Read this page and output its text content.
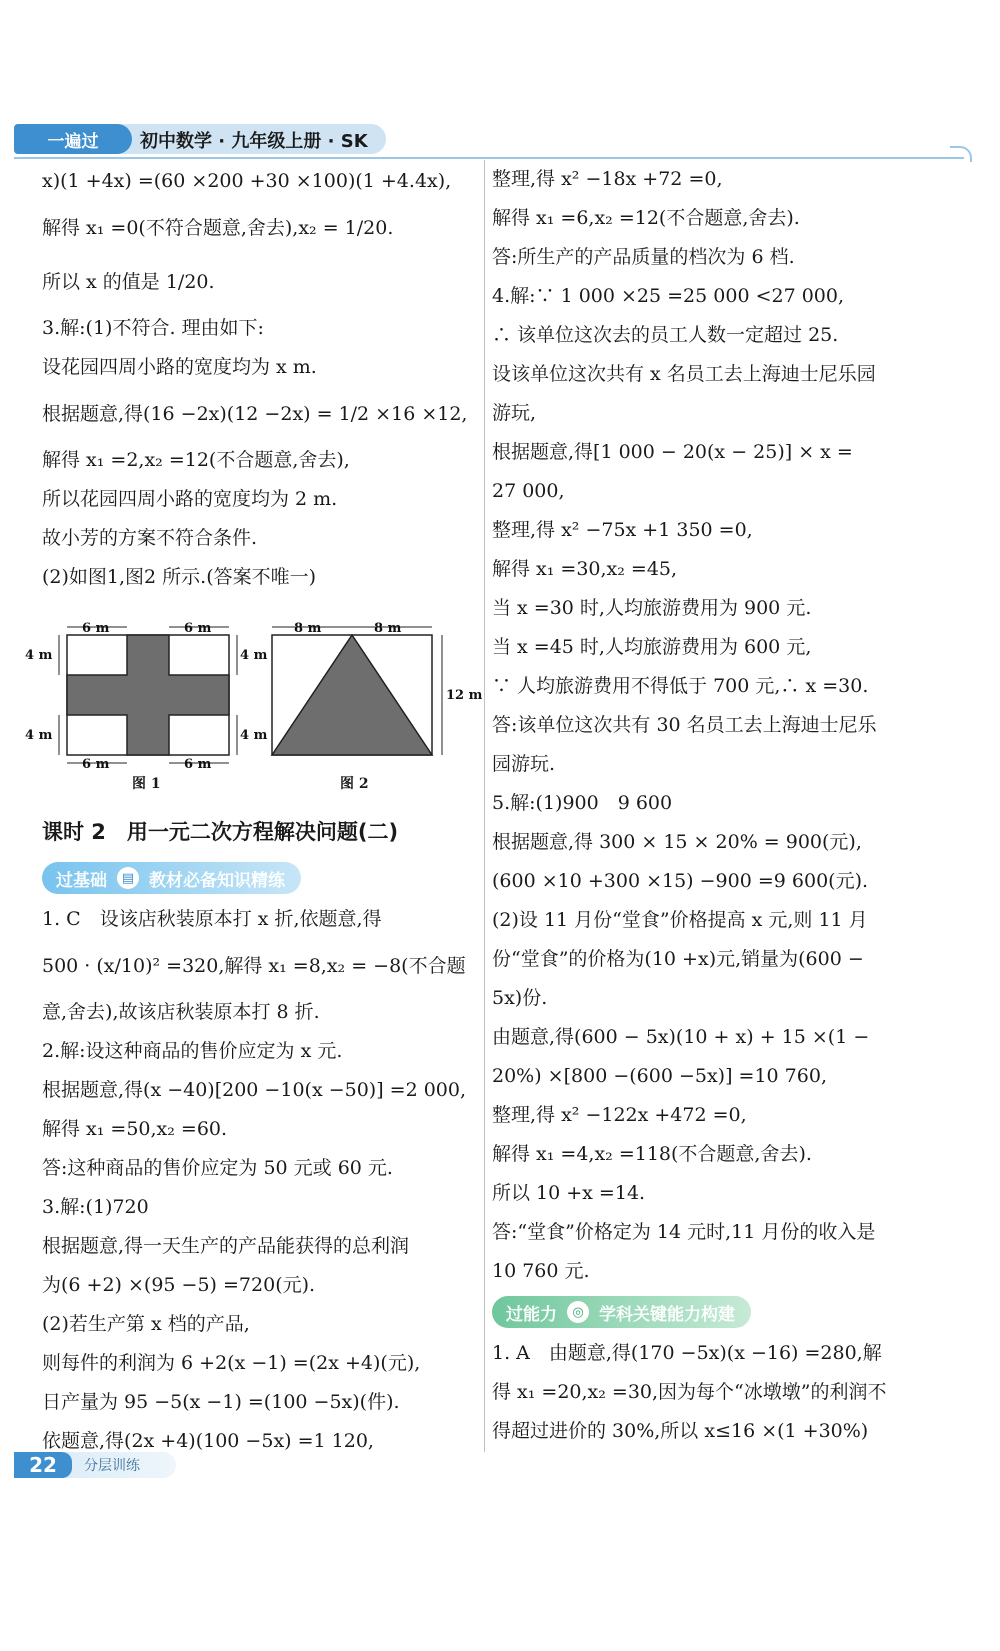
一遍过	初中数学 · 九年级上册 · SK
x)(1 +4x) =(60 ×200 +30 ×100)(1 +4.4x),
解得 x₁ =0(不符合题意,舍去),x₂ = 1/20.
所以 x 的值是 1/20.
3.解:(1)不符合. 理由如下:
设花园四周小路的宽度均为 x m.
根据题意,得(16 −2x)(12 −2x) = 1/2 ×16 ×12,
解得 x₁ =2,x₂ =12(不合题意,舍去),
所以花园四周小路的宽度均为 2 m.
故小芳的方案不符合条件.
(2)如图1,图2 所示.(答案不唯一)
6 m	6 m
6 m	6 m
4 m
4 m
4 m
4 m
8 m	8 m
12 m
图 1	图 2
课时 2　用一元二次方程解决问题(二)
过基础	▤ 教材必备知识精练
1. C　设该店秋装原本打 x 折,依题意,得
500 · (x/10)² =320,解得 x₁ =8,x₂ = −8(不合题
意,舍去),故该店秋装原本打 8 折.
2.解:设这种商品的售价应定为 x 元.
根据题意,得(x −40)[200 −10(x −50)] =2 000,
解得 x₁ =50,x₂ =60.
答:这种商品的售价应定为 50 元或 60 元.
3.解:(1)720
根据题意,得一天生产的产品能获得的总利润
为(6 +2) ×(95 −5) =720(元).
(2)若生产第 x 档的产品,
则每件的利润为 6 +2(x −1) =(2x +4)(元),
日产量为 95 −5(x −1) =(100 −5x)(件).
依题意,得(2x +4)(100 −5x) =1 120,
整理,得 x² −18x +72 =0,
解得 x₁ =6,x₂ =12(不合题意,舍去).
答:所生产的产品质量的档次为 6 档.
4.解:∵ 1 000 ×25 =25 000 <27 000,
∴ 该单位这次去的员工人数一定超过 25.
设该单位这次共有 x 名员工去上海迪士尼乐园
游玩,
根据题意,得[1 000 − 20(x − 25)] × x =
27 000,
整理,得 x² −75x +1 350 =0,
解得 x₁ =30,x₂ =45,
当 x =30 时,人均旅游费用为 900 元.
当 x =45 时,人均旅游费用为 600 元,
∵ 人均旅游费用不得低于 700 元,∴ x =30.
答:该单位这次共有 30 名员工去上海迪士尼乐
园游玩.
5.解:(1)900　9 600
根据题意,得 300 × 15 × 20% = 900(元),
(600 ×10 +300 ×15) −900 =9 600(元).
(2)设 11 月份“堂食”价格提高 x 元,则 11 月
份“堂食”的价格为(10 +x)元,销量为(600 −
5x)份.
由题意,得(600 − 5x)(10 + x) + 15 ×(1 −
20%) ×[800 −(600 −5x)] =10 760,
整理,得 x² −122x +472 =0,
解得 x₁ =4,x₂ =118(不合题意,舍去).
所以 10 +x =14.
答:“堂食”价格定为 14 元时,11 月份的收入是
10 760 元.
过能力	◎ 学科关键能力构建
1. A　由题意,得(170 −5x)(x −16) =280,解
得 x₁ =20,x₂ =30,因为每个“冰墩墩”的利润不
得超过进价的 30%,所以 x≤16 ×(1 +30%)
22	分层训练
